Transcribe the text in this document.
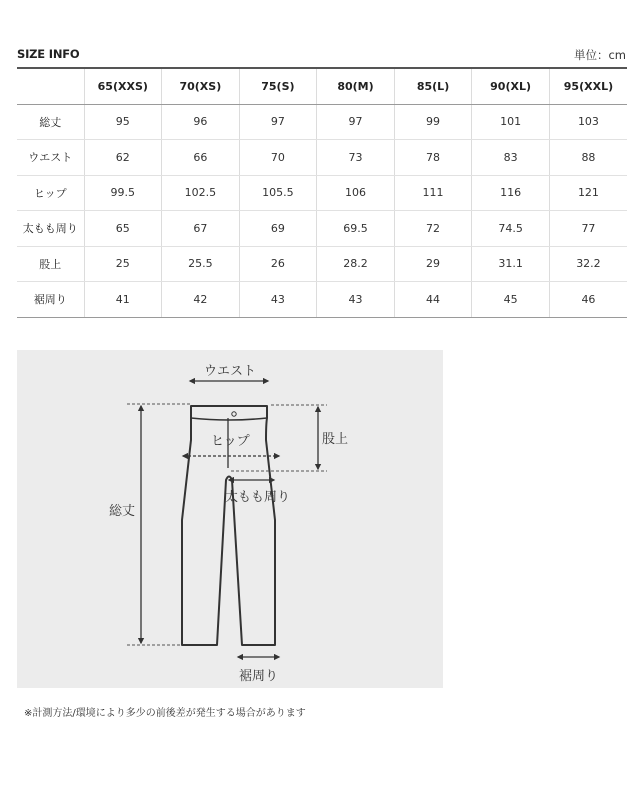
SIZE INFO	単位：cm
	65(XXS)	70(XS)	75(S)	80(M)	85(L)	90(XL)	95(XXL)
総丈	95	96	97	97	99	101	103
ウエスト	62	66	70	73	78	83	88
ヒップ	99.5	102.5	105.5	106	111	116	121
太もも周り	65	67	69	69.5	72	74.5	77
股上	25	25.5	26	28.2	29	31.1	32.2
裾周り	41	42	43	43	44	45	46
ウエスト
ヒップ	股上
太もも周り
総丈
裾周り
※計測方法/環境により多少の前後差が発生する場合があります
